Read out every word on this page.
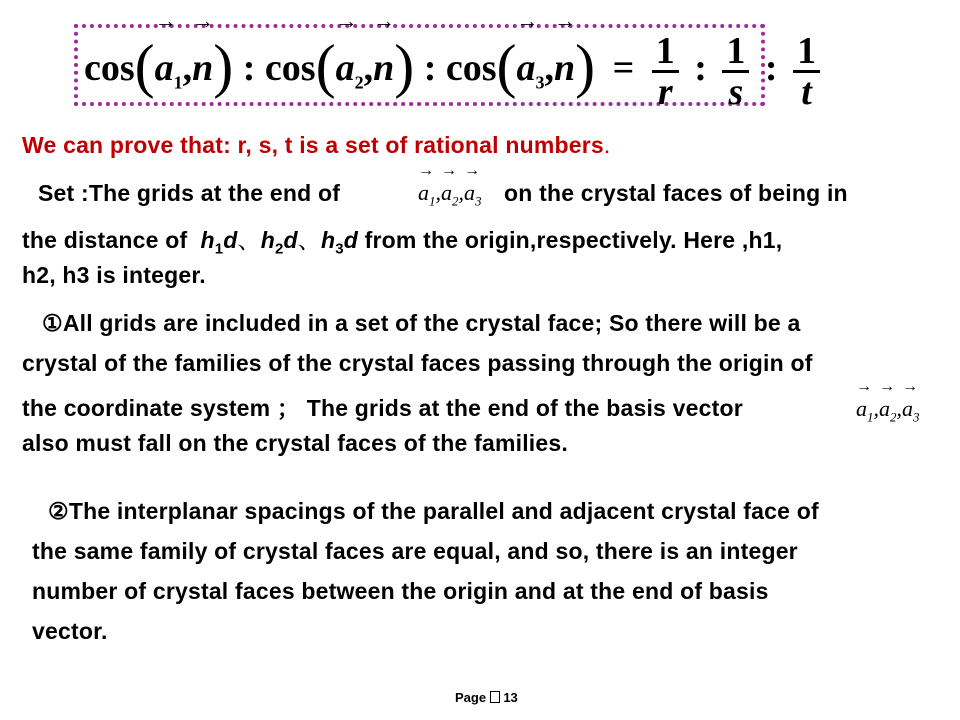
cos(
→
$a_1$,
→
n) : cos(
→
$a_2$,
→
n) : cos(
→
$a_3$,
→
$n) = \frac{1}{r}$ : $\frac{1}{s}$ : $\frac{1}{t}$
We can prove that: r, s, t is a set of rational numbers.
Set :The grids at the end of
→
$a_1$,
→
$a_2$,
→
$a_3$ on the crystal faces of being in
the distance of $h_1d$、$h_2d$、$h_3d$ from the origin,respectively. Here ,h1,
h2, h3 is integer.
①All grids are included in a set of the crystal face; So there will be a
crystal of the families of the crystal faces passing through the origin of
the coordinate system ； The grids at the end of the basis vector
→
$a_1$,
→
$a_2$,
→
$a_3$
also must fall on the crystal faces of the families.
②The interplanar spacings of the parallel and adjacent crystal face of
the same family of crystal faces are equal, and so, there is an integer
number of crystal faces between the origin and at the end of basis
vector.
Page 13
